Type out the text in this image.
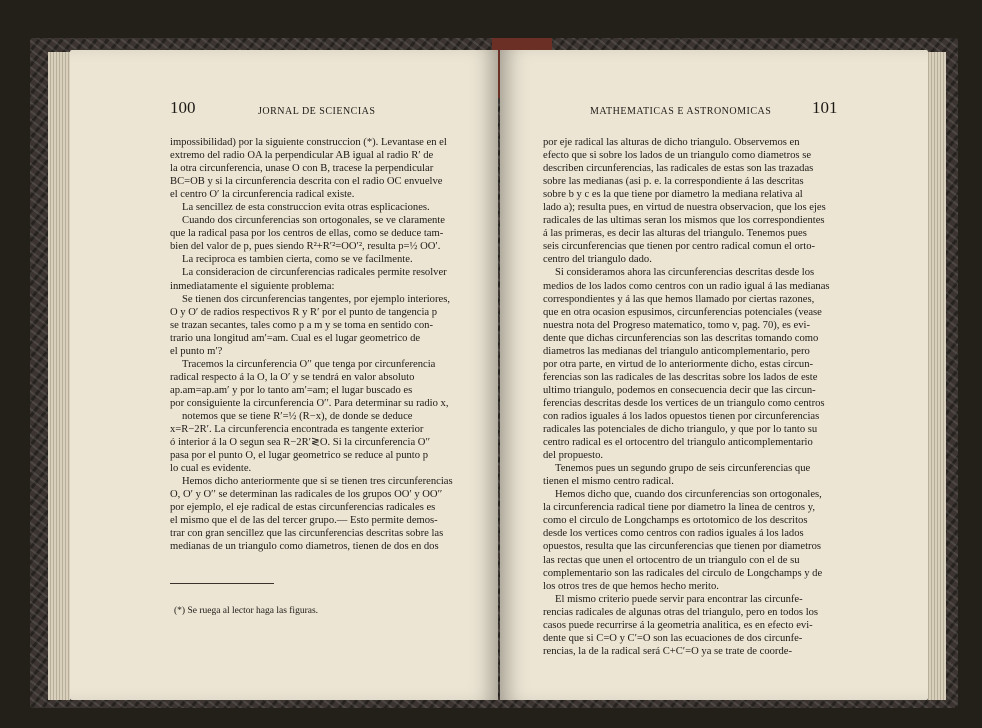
100	JORNAL DE SCIENCIAS
impossibilidad) por la siguiente construccion (*). Levantase en el
extremo del radio OA la perpendicular AB igual al radio R′ de
la otra circunferencia, unase O con B, tracese la perpendicular
BC=OB y si la circunferencia descrita con el radio OC envuelve
el centro O′ la circunferencia radical existe.
La sencillez de esta construccion evita otras esplicaciones.
Cuando dos circunferencias son ortogonales, se ve claramente
que la radical pasa por los centros de ellas, como se deduce tam-
bien del valor de p, pues siendo R²+R′²=OO′², resulta p=½ OO′.
La reciproca es tambien cierta, como se ve facilmente.
La consideracion de circunferencias radicales permite resolver
inmediatamente el siguiente problema:
Se tienen dos circunferencias tangentes, por ejemplo interiores,
O y O′ de radios respectivos R y R′ por el punto de tangencia p
se trazan secantes, tales como p a m y se toma en sentido con-
trario una longitud am′=am. Cual es el lugar geometrico de
el punto m′?
Tracemos la circunferencia O′′ que tenga por circunferencia
radical respecto á la O, la O′ y se tendrá en valor absoluto
ap.am=ap.am′ y por lo tanto am′=am; el lugar buscado es
por consiguiente la circunferencia O′′. Para determinar su radio x,
notemos que se tiene R′=½ (R−x), de donde se deduce
x=R−2R′. La circunferencia encontrada es tangente exterior
ó interior á la O segun sea R−2R′≷O. Si la circunferencia O′′
pasa por el punto O, el lugar geometrico se reduce al punto p
lo cual es evidente.
Hemos dicho anteriormente que si se tienen tres circunferencias
O, O′ y O′′ se determinan las radicales de los grupos OO′ y OO′′
por ejemplo, el eje radical de estas circunferencias radicales es
el mismo que el de las del tercer grupo.— Esto permite demos-
trar con gran sencillez que las circunferencias descritas sobre las
medianas de un triangulo como diametros, tienen de dos en dos
(*) Se ruega al lector haga las figuras.
MATHEMATICAS E ASTRONOMICAS 101
por eje radical las alturas de dicho triangulo. Observemos en
efecto que si sobre los lados de un triangulo como diametros se
describen circunferencias, las radicales de estas son las trazadas
sobre las medianas (asi p. e. la correspondiente á las descritas
sobre b y c es la que tiene por diametro la mediana relativa al
lado a); resulta pues, en virtud de nuestra observacion, que los ejes
radicales de las ultimas seran los mismos que los correspondientes
á las primeras, es decir las alturas del triangulo. Tenemos pues
seis circunferencias que tienen por centro radical comun el orto-
centro del triangulo dado.
Si consideramos ahora las circunferencias descritas desde los
medios de los lados como centros con un radio igual á las medianas
correspondientes y á las que hemos llamado por ciertas razones,
que en otra ocasion espusimos, circunferencias potenciales (vease
nuestra nota del Progreso matematico, tomo v, pag. 70), es evi-
dente que dichas circunferencias son las descritas tomando como
diametros las medianas del triangulo anticomplementario, pero
por otra parte, en virtud de lo anteriormente dicho, estas circun-
ferencias son las radicales de las descritas sobre los lados de este
ultimo triangulo, podemos en consecuencia decir que las circun-
ferencias descritas desde los vertices de un triangulo como centros
con radios iguales á los lados opuestos tienen por circunferencias
radicales las potenciales de dicho triangulo, y que por lo tanto su
centro radical es el ortocentro del triangulo anticomplementario
del propuesto.
Tenemos pues un segundo grupo de seis circunferencias que
tienen el mismo centro radical.
Hemos dicho que, cuando dos circunferencias son ortogonales,
la circunferencia radical tiene por diametro la linea de centros y,
como el circulo de Longchamps es ortotomico de los descritos
desde los vertices como centros con radios iguales á los lados
opuestos, resulta que las circunferencias que tienen por diametros
las rectas que unen el ortocentro de un triangulo con el de su
complementario son las radicales del circulo de Longchamps y de
los otros tres de que hemos hecho merito.
El mismo criterio puede servir para encontrar las circunfe-
rencias radicales de algunas otras del triangulo, pero en todos los
casos puede recurrirse á la geometria analitica, es en efecto evi-
dente que si C=O y C′=O son las ecuaciones de dos circunfe-
rencias, la de la radical será C+C′=O ya se trate de coorde-
